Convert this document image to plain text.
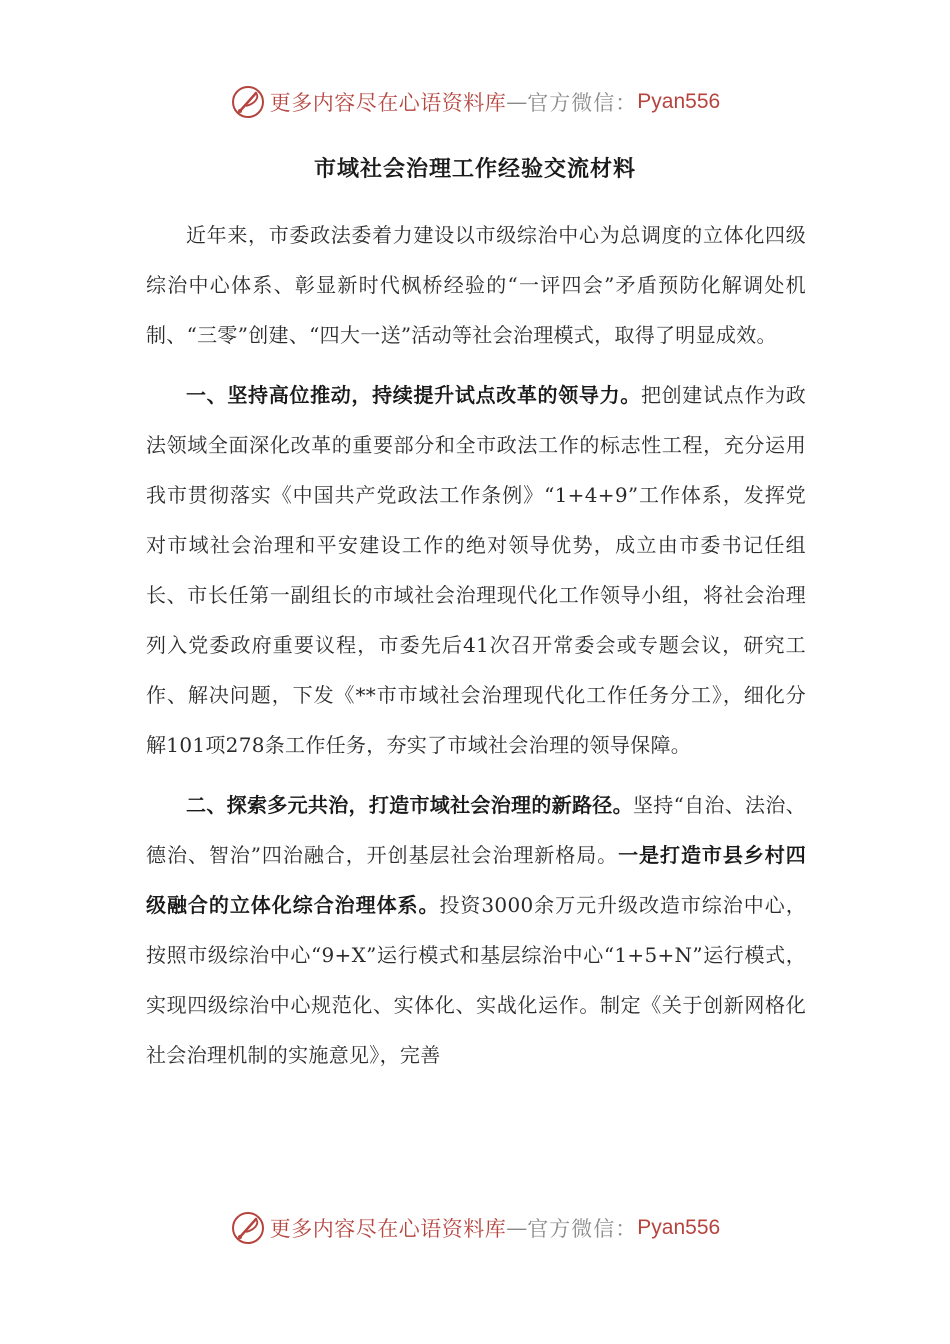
更多内容尽在心语资料库 — 官方微信： Pyan556
市域社会治理工作经验交流材料

近年来，市委政法委着力建设以市级综治中心为总调度的立体化四级综治中心体系、彰显新时代枫桥经验的“一评四会”矛盾预防化解调处机制、“三零”创建、“四大一送”活动等社会治理模式，取得了明显成效。

一、坚持高位推动，持续提升试点改革的领导力。把创建试点作为政法领域全面深化改革的重要部分和全市政法工作的标志性工程，充分运用我市贯彻落实《中国共产党政法工作条例》“1+4+9”工作体系，发挥党对市域社会治理和平安建设工作的绝对领导优势，成立由市委书记任组长、市长任第一副组长的市域社会治理现代化工作领导小组，将社会治理列入党委政府重要议程，市委先后41次召开常委会或专题会议，研究工作、解决问题，下发《**市市域社会治理现代化工作任务分工》，细化分解101项278条工作任务，夯实了市域社会治理的领导保障。

二、探索多元共治，打造市域社会治理的新路径。坚持“自治、法治、德治、智治”四治融合，开创基层社会治理新格局。一是打造市县乡村四级融合的立体化综合治理体系。投资3000余万元升级改造市综治中心，按照市级综治中心“9+X”运行模式和基层综治中心“1+5+N”运行模式，实现四级综治中心规范化、实体化、实战化运作。制定《关于创新网格化社会治理机制的实施意见》，完善

更多内容尽在心语资料库 — 官方微信： Pyan556
